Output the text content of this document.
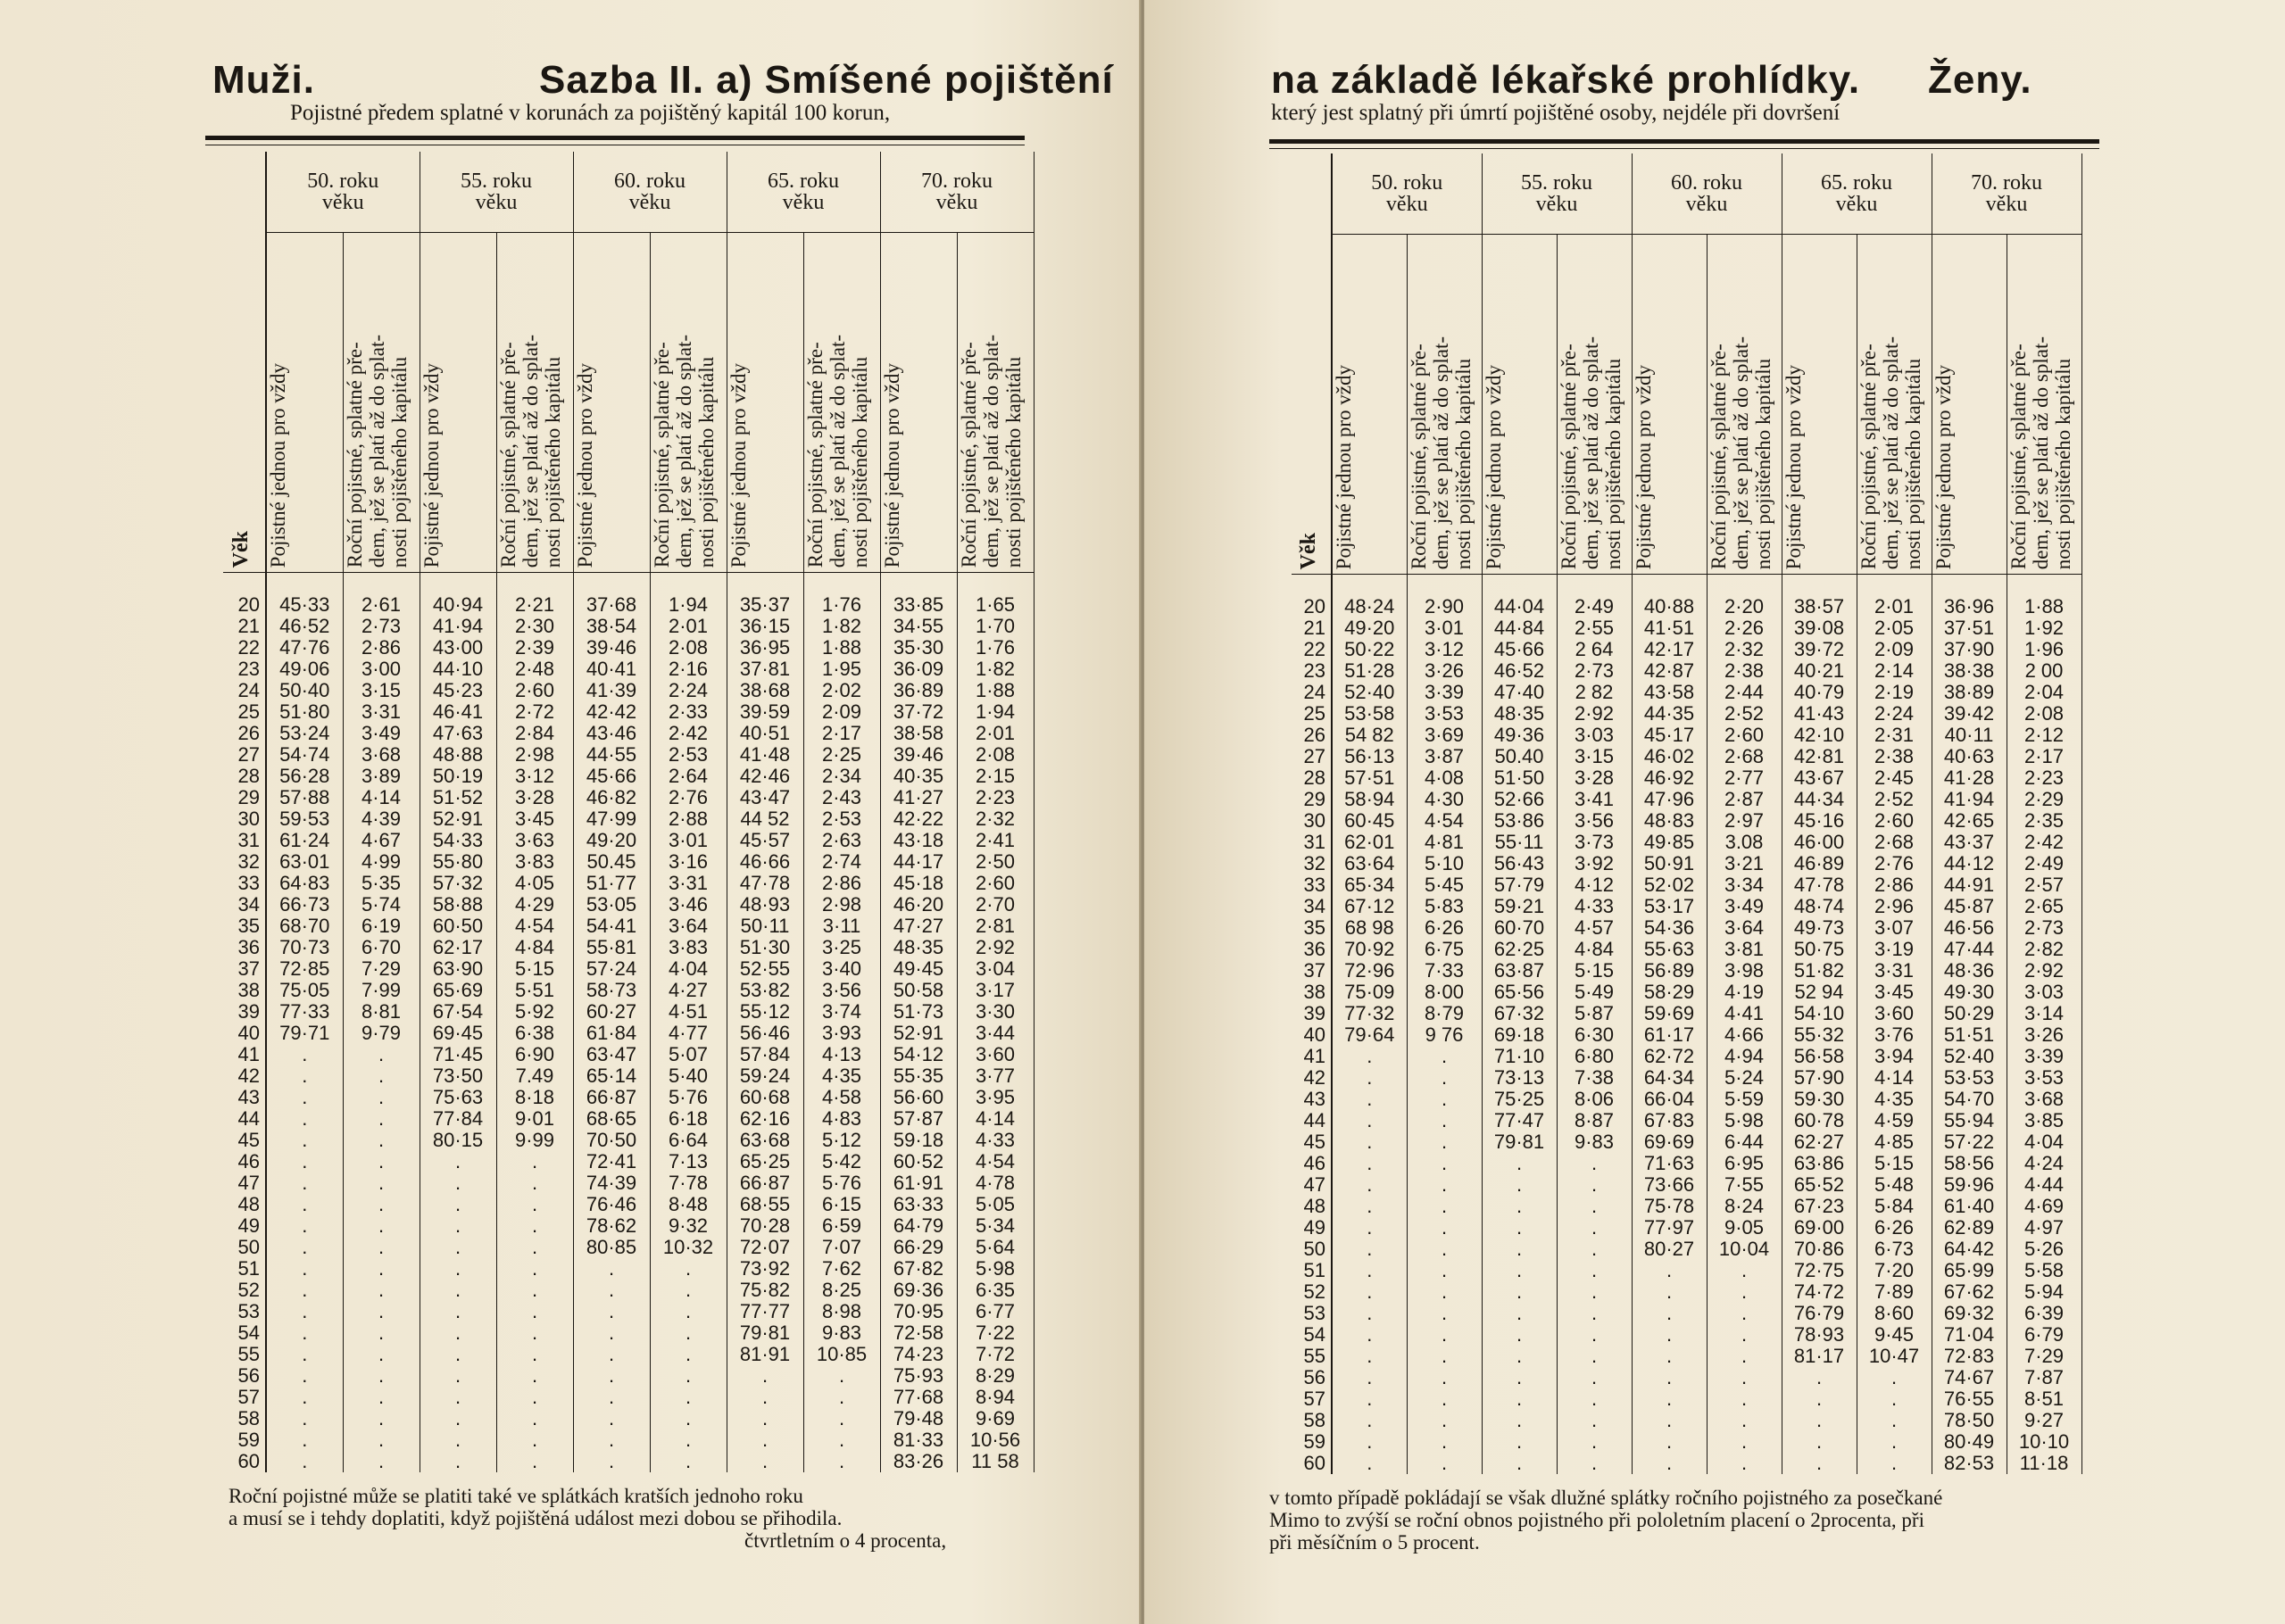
Muži.	Sazba II. a) Smíšené pojištění
Pojistné předem splatné v korunách za pojištěný kapitál 100 korun,
Věk	50. roku
věku		55. roku
věku		60. roku
věku		65. roku
věku		70. roku
věku	
	Pojistné jednou pro vždy	Roční pojistné, splatné pře-
dem, jež se platí až do splat-
nosti pojištěného kapitálu	Pojistné jednou pro vždy	Roční pojistné, splatné pře-
dem, jež se platí až do splat-
nosti pojištěného kapitálu	Pojistné jednou pro vždy	Roční pojistné, splatné pře-
dem, jež se platí až do splat-
nosti pojištěného kapitálu	Pojistné jednou pro vždy	Roční pojistné, splatné pře-
dem, jež se platí až do splat-
nosti pojištěného kapitálu	Pojistné jednou pro vždy	Roční pojistné, splatné pře-
dem, jež se platí až do splat-
nosti pojištěného kapitálu

20	45·33	2·61	40·94	2·21	37·68	1·94	35·37	1·76	33·85	1·65
21	46·52	2·73	41·94	2·30	38·54	2·01	36·15	1·82	34·55	1·70
22	47·76	2·86	43·00	2·39	39·46	2·08	36·95	1·88	35·30	1·76
23	49·06	3·00	44·10	2·48	40·41	2·16	37·81	1·95	36·09	1·82
24	50·40	3·15	45·23	2·60	41·39	2·24	38·68	2·02	36·89	1·88
25	51·80	3·31	46·41	2·72	42·42	2·33	39·59	2·09	37·72	1·94
26	53·24	3·49	47·63	2·84	43·46	2·42	40·51	2·17	38·58	2·01
27	54·74	3·68	48·88	2·98	44·55	2·53	41·48	2·25	39·46	2·08
28	56·28	3·89	50·19	3·12	45·66	2·64	42·46	2·34	40·35	2·15
29	57·88	4·14	51·52	3·28	46·82	2·76	43·47	2·43	41·27	2·23
30	59·53	4·39	52·91	3·45	47·99	2·88	44 52	2·53	42·22	2·32
31	61·24	4·67	54·33	3·63	49·20	3·01	45·57	2·63	43·18	2·41
32	63·01	4·99	55·80	3·83	50.45	3·16	46·66	2·74	44·17	2·50
33	64·83	5·35	57·32	4·05	51·77	3·31	47·78	2·86	45·18	2·60
34	66·73	5·74	58·88	4·29	53·05	3·46	48·93	2·98	46·20	2·70
35	68·70	6·19	60·50	4·54	54·41	3·64	50·11	3·11	47·27	2·81
36	70·73	6·70	62·17	4·84	55·81	3·83	51·30	3·25	48·35	2·92
37	72·85	7·29	63·90	5·15	57·24	4·04	52·55	3·40	49·45	3·04
38	75·05	7·99	65·69	5·51	58·73	4·27	53·82	3·56	50·58	3·17
39	77·33	8·81	67·54	5·92	60·27	4·51	55·12	3·74	51·73	3·30
40	79·71	9·79	69·45	6·38	61·84	4·77	56·46	3·93	52·91	3·44
41	.	.	71·45	6·90	63·47	5·07	57·84	4·13	54·12	3·60
42	.	.	73·50	7.49	65·14	5·40	59·24	4·35	55·35	3·77
43	.	.	75·63	8·18	66·87	5·76	60·68	4·58	56·60	3·95
44	.	.	77·84	9·01	68·65	6·18	62·16	4·83	57·87	4·14
45	.	.	80·15	9·99	70·50	6·64	63·68	5·12	59·18	4·33
46	.	.	.	.	72·41	7·13	65·25	5·42	60·52	4·54
47	.	.	.	.	74·39	7·78	66·87	5·76	61·91	4·78
48	.	.	.	.	76·46	8·48	68·55	6·15	63·33	5·05
49	.	.	.	.	78·62	9·32	70·28	6·59	64·79	5·34
50	.	.	.	.	80·85	10·32	72·07	7·07	66·29	5·64
51	.	.	.	.	.	.	73·92	7·62	67·82	5·98
52	.	.	.	.	.	.	75·82	8·25	69·36	6·35
53	.	.	.	.	.	.	77·77	8·98	70·95	6·77
54	.	.	.	.	.	.	79·81	9·83	72·58	7·22
55	.	.	.	.	.	.	81·91	10·85	74·23	7·72
56	.	.	.	.	.	.	.	.	75·93	8·29
57	.	.	.	.	.	.	.	.	77·68	8·94
58	.	.	.	.	.	.	.	.	79·48	9·69
59	.	.	.	.	.	.	.	.	81·33	10·56
60	.	.	.	.	.	.	.	.	83·26	11 58
Roční pojistné může se platiti také ve splátkách kratších jednoho roku
a musí se i tehdy doplatiti, když pojištěná událost mezi dobou se přihodila.
čtvrtletním o 4 procenta,
na základě lékařské prohlídky. Ženy.
který jest splatný při úmrtí pojištěné osoby, nejdéle při dovršení
Věk	50. roku
věku		55. roku
věku		60. roku
věku		65. roku
věku		70. roku
věku	
	Pojistné jednou pro vždy	Roční pojistné, splatné pře-
dem, jež se platí až do splat-
nosti pojištěného kapitálu	Pojistné jednou pro vždy	Roční pojistné, splatné pře-
dem, jež se platí až do splat-
nosti pojištěného kapitálu	Pojistné jednou pro vždy	Roční pojistné, splatné pře-
dem, jež se platí až do splat-
nosti pojištěného kapitálu	Pojistné jednou pro vždy	Roční pojistné, splatné pře-
dem, jež se platí až do splat-
nosti pojištěného kapitálu	Pojistné jednou pro vždy	Roční pojistné, splatné pře-
dem, jež se platí až do splat-
nosti pojištěného kapitálu

20	48·24	2·90	44·04	2·49	40·88	2·20	38·57	2·01	36·96	1·88
21	49·20	3·01	44·84	2·55	41·51	2·26	39·08	2·05	37·51	1·92
22	50·22	3·12	45·66	2 64	42·17	2·32	39·72	2·09	37·90	1·96
23	51·28	3·26	46·52	2·73	42·87	2·38	40·21	2·14	38·38	2 00
24	52·40	3·39	47·40	2 82	43·58	2·44	40·79	2·19	38·89	2·04
25	53·58	3·53	48·35	2·92	44·35	2·52	41·43	2·24	39·42	2·08
26	54 82	3·69	49·36	3·03	45·17	2·60	42·10	2·31	40·11	2·12
27	56·13	3·87	50.40	3·15	46·02	2·68	42·81	2·38	40·63	2·17
28	57·51	4·08	51·50	3·28	46·92	2·77	43·67	2·45	41·28	2·23
29	58·94	4·30	52·66	3·41	47·96	2·87	44·34	2·52	41·94	2·29
30	60·45	4·54	53·86	3·56	48·83	2·97	45·16	2·60	42·65	2·35
31	62·01	4·81	55·11	3·73	49·85	3.08	46·00	2·68	43·37	2·42
32	63·64	5·10	56·43	3·92	50·91	3·21	46·89	2·76	44·12	2·49
33	65·34	5·45	57·79	4·12	52·02	3·34	47·78	2·86	44·91	2·57
34	67·12	5·83	59·21	4·33	53·17	3·49	48·74	2·96	45·87	2·65
35	68 98	6·26	60·70	4·57	54·36	3·64	49·73	3·07	46·56	2·73
36	70·92	6·75	62·25	4·84	55·63	3·81	50·75	3·19	47·44	2·82
37	72·96	7·33	63·87	5·15	56·89	3·98	51·82	3·31	48·36	2·92
38	75·09	8·00	65·56	5·49	58·29	4·19	52 94	3·45	49·30	3·03
39	77·32	8·79	67·32	5·87	59·69	4·41	54·10	3·60	50·29	3·14
40	79·64	9 76	69·18	6·30	61·17	4·66	55·32	3·76	51·51	3·26
41	.	.	71·10	6·80	62·72	4·94	56·58	3·94	52·40	3·39
42	.	.	73·13	7·38	64·34	5·24	57·90	4·14	53·53	3·53
43	.	.	75·25	8·06	66·04	5·59	59·30	4·35	54·70	3·68
44	.	.	77·47	8·87	67·83	5·98	60·78	4·59	55·94	3·85
45	.	.	79·81	9·83	69·69	6·44	62·27	4·85	57·22	4·04
46	.	.	.	.	71·63	6·95	63·86	5·15	58·56	4·24
47	.	.	.	.	73·66	7·55	65·52	5·48	59·96	4·44
48	.	.	.	.	75·78	8·24	67·23	5·84	61·40	4·69
49	.	.	.	.	77·97	9·05	69·00	6·26	62·89	4·97
50	.	.	.	.	80·27	10·04	70·86	6·73	64·42	5·26
51	.	.	.	.	.	.	72·75	7·20	65·99	5·58
52	.	.	.	.	.	.	74·72	7·89	67·62	5·94
53	.	.	.	.	.	.	76·79	8·60	69·32	6·39
54	.	.	.	.	.	.	78·93	9·45	71·04	6·79
55	.	.	.	.	.	.	81·17	10·47	72·83	7·29
56	.	.	.	.	.	.	.	.	74·67	7·87
57	.	.	.	.	.	.	.	.	76·55	8·51
58	.	.	.	.	.	.	.	.	78·50	9·27
59	.	.	.	.	.	.	.	.	80·49	10·10
60	.	.	.	.	.	.	.	.	82·53	11·18
v tomto případě pokládají se však dlužné splátky ročního pojistného za posečkané
Mimo to zvýší se roční obnos pojistného při pololetním placení o 2procenta, při
při měsíčním o 5 procent.
